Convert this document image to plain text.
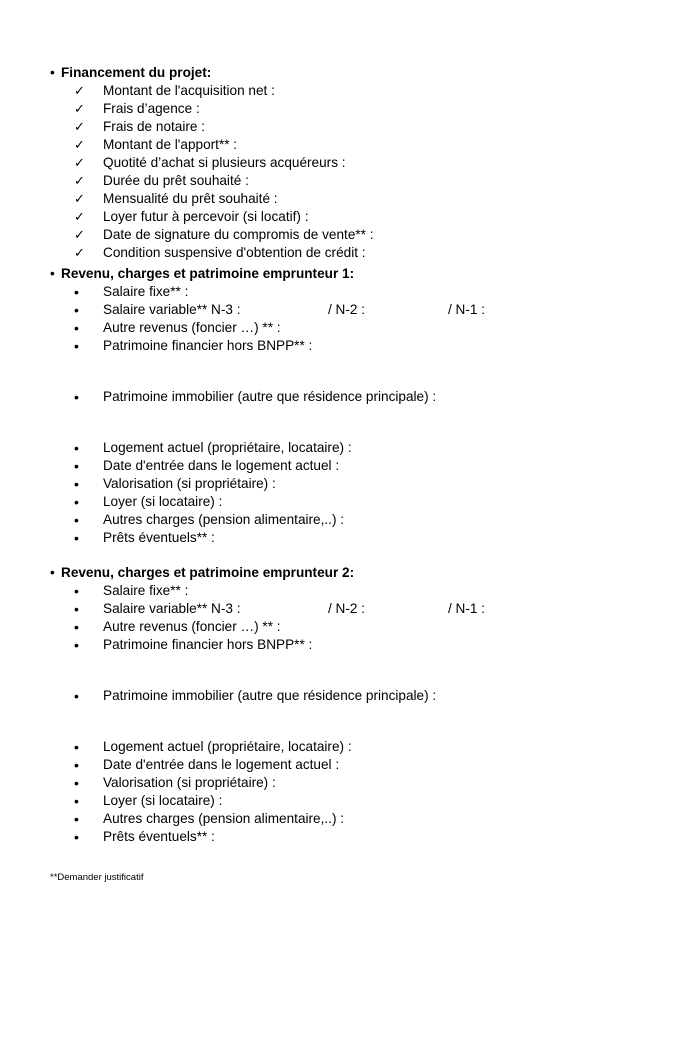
• Financement du projet:
✓	Montant de l'acquisition net :
✓	Frais d’agence :
✓	Frais de notaire :
✓	Montant de l'apport** :
✓	Quotité d’achat si plusieurs acquéreurs :
✓	Durée du prêt souhaité :
✓	Mensualité du prêt souhaité :
✓	Loyer futur à percevoir (si locatif) :
✓	Date de signature du compromis de vente** :
✓	Condition suspensive d'obtention de crédit :
• Revenu, charges et patrimoine emprunteur 1:
•	Salaire fixe** :
•	Salaire variable** N-3 :	/ N-2 :	/ N-1 :
•	Autre revenus (foncier …) ** :
•	Patrimoine financier hors BNPP** :
•	Patrimoine immobilier (autre que résidence principale) :
•	Logement actuel (propriétaire, locataire) :
•	Date d'entrée dans le logement actuel :
•	Valorisation (si propriétaire) :
•	Loyer (si locataire) :
•	Autres charges (pension alimentaire,..) :
•	Prêts éventuels** :
• Revenu, charges et patrimoine emprunteur 2:
•	Salaire fixe** :
•	Salaire variable** N-3 :	/ N-2 :	/ N-1 :
•	Autre revenus (foncier …) ** :
•	Patrimoine financier hors BNPP** :
•	Patrimoine immobilier (autre que résidence principale) :
•	Logement actuel (propriétaire, locataire) :
•	Date d'entrée dans le logement actuel :
•	Valorisation (si propriétaire) :
•	Loyer (si locataire) :
•	Autres charges (pension alimentaire,..) :
•	Prêts éventuels** :
**Demander justificatif
